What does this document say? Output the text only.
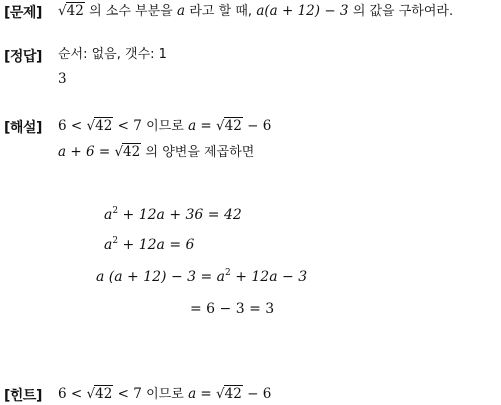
[문제] √42 의 소수 부분을 a 라고 할 때, a(a + 12) − 3 의 값을 구하여라.
[정답] 순서: 없음, 갯수: 1
3
[해설] 6 < √42 < 7 이므로 a = √42 − 6
a + 6 = √42 의 양변을 제곱하면
$a^2 + 12a + 36 = 42$
$a^2 + 12a = 6$
a $(a + 12) - 3 = a^2 + 12a - 3$
= 6 − 3 = 3
[힌트] 6 < √42 < 7 이므로 a = √42 − 6
